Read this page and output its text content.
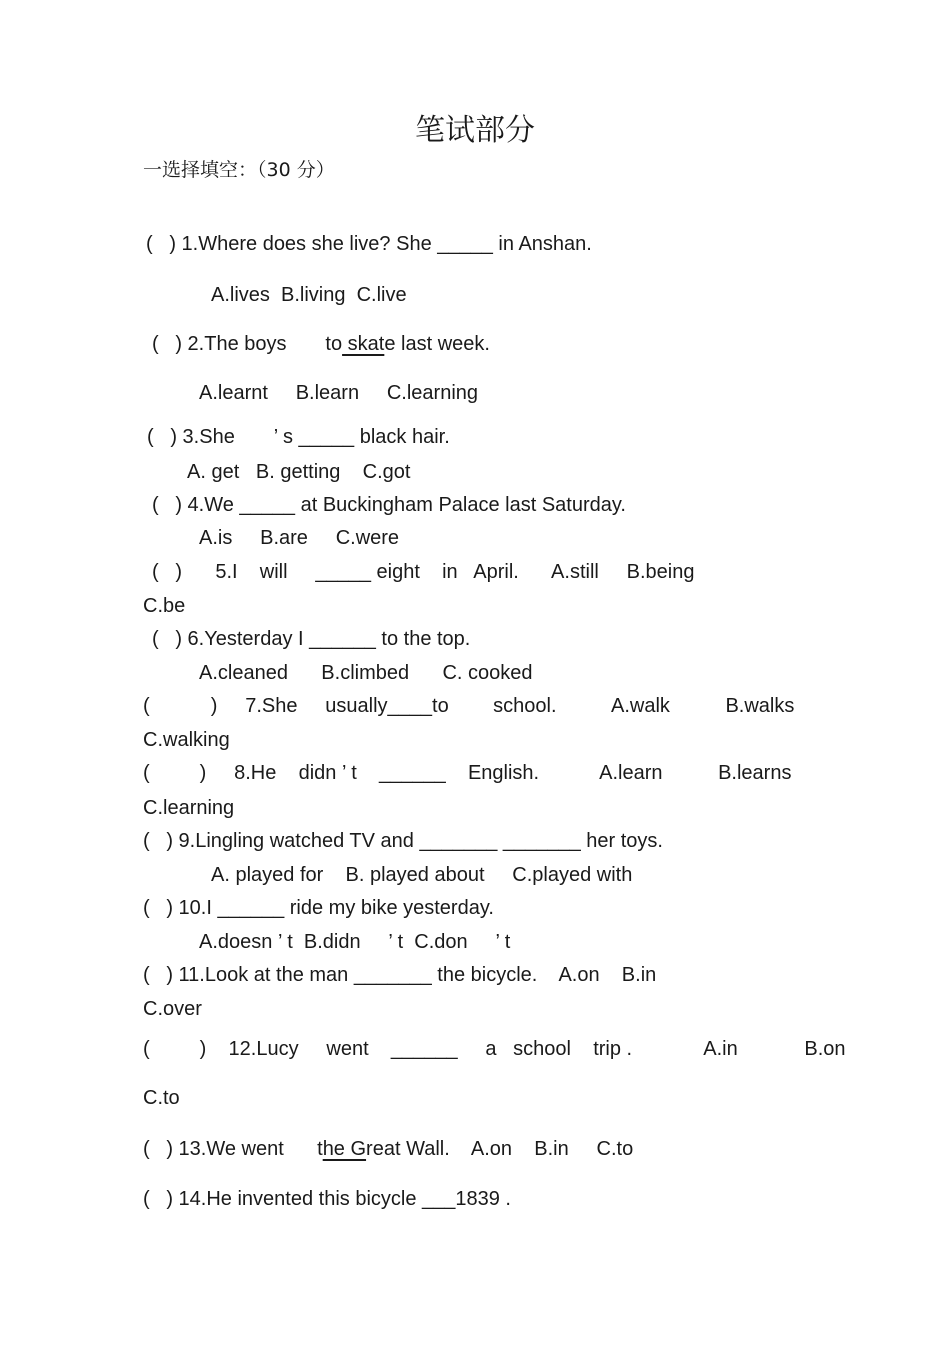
笔试部分
一选择填空：（30 分）
(   ) 1.Where does she live? She _____ in Anshan.
A.lives  B.living  C.live
(   ) 2.The boys       to skate last week.
A.learnt     B.learn     C.learning
(   ) 3.She       ’ s _____ black hair.
A. get   B. getting    C.got
(   ) 4.We _____ at Buckingham Palace last Saturday.
A.is     B.are     C.were
(   )      5.I    will     _____ eight    in   April.      A.still     B.being
C.be
(   ) 6.Yesterday I ______ to the top.
A.cleaned      B.climbed      C. cooked
(           )     7.She     usually____to        school.          A.walk          B.walks
C.walking
(         )     8.He    didn ’ t    ______    English.           A.learn          B.learns
C.learning
(   ) 9.Lingling watched TV and _______ _______ her toys.
A. played for    B. played about     C.played with
(   ) 10.I ______ ride my bike yesterday.
A.doesn ’ t  B.didn     ’ t  C.don     ’ t
(   ) 11.Look at the man _______ the bicycle.    A.on    B.in
C.over
(         )    12.Lucy     went    ______     a   school    trip .             A.in            B.on
C.to
(   ) 13.We went      the Great Wall.    A.on    B.in     C.to
(   ) 14.He invented this bicycle ___1839 .
